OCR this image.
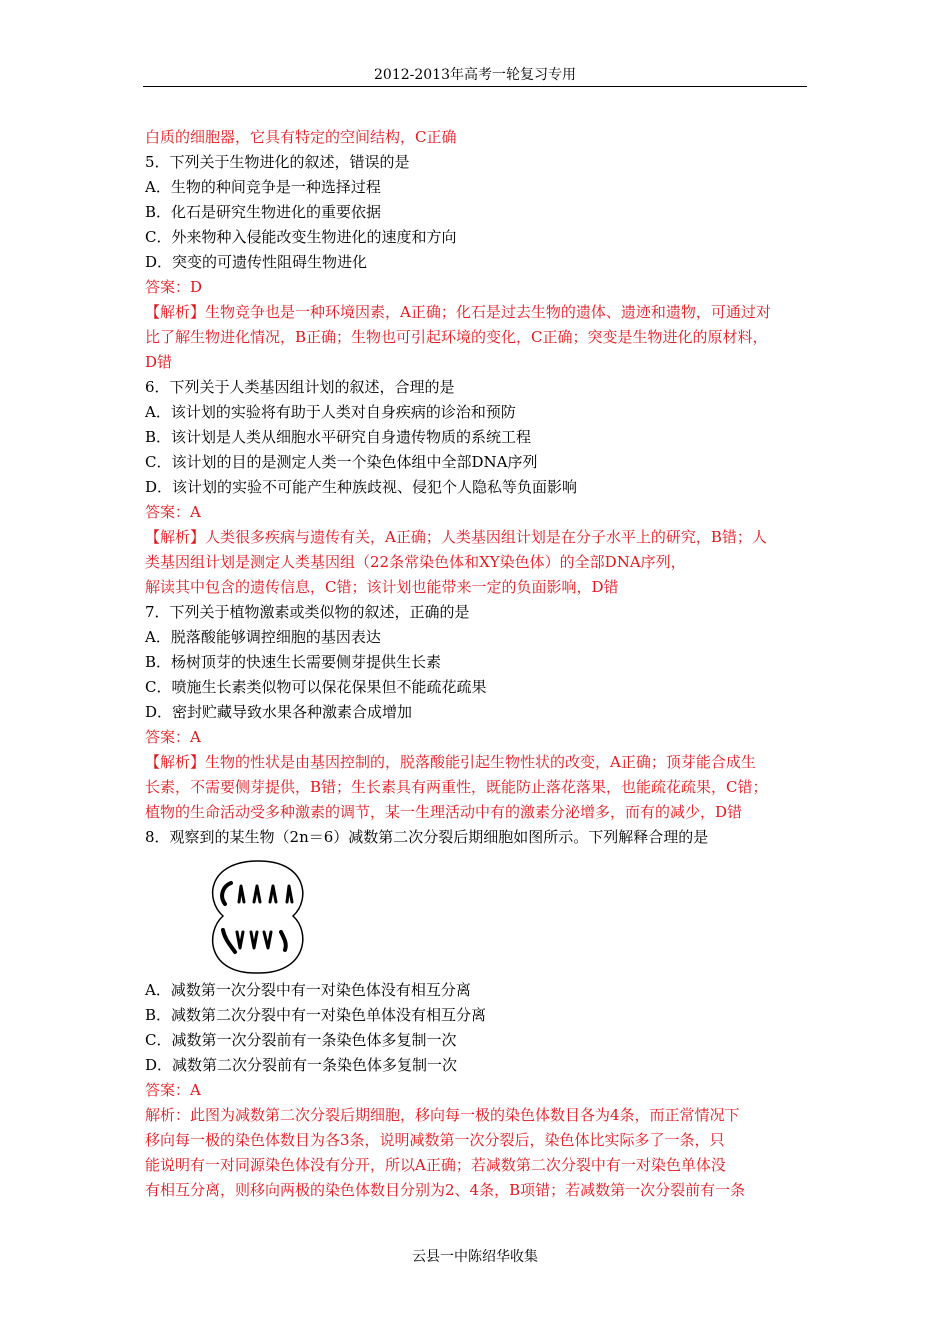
2012-2013年高考一轮复习专用
白质的细胞器，它具有特定的空间结构，C正确
5．下列关于生物进化的叙述，错误的是
A．生物的种间竞争是一种选择过程
B．化石是研究生物进化的重要依据
C．外来物种入侵能改变生物进化的速度和方向
D．突变的可遗传性阻碍生物进化
答案：D
【解析】生物竞争也是一种环境因素，A正确；化石是过去生物的遗体、遗迹和遗物，可通过对
比了解生物进化情况，B正确；生物也可引起环境的变化，C正确；突变是生物进化的原材料，
D错
6．下列关于人类基因组计划的叙述，合理的是
A．该计划的实验将有助于人类对自身疾病的诊治和预防
B．该计划是人类从细胞水平研究自身遗传物质的系统工程
C．该计划的目的是测定人类一个染色体组中全部DNA序列
D．该计划的实验不可能产生种族歧视、侵犯个人隐私等负面影响
答案：A
【解析】人类很多疾病与遗传有关，A正确；人类基因组计划是在分子水平上的研究，B错；人
类基因组计划是测定人类基因组（22条常染色体和XY染色体）的全部DNA序列，
解读其中包含的遗传信息，C错；该计划也能带来一定的负面影响，D错
7．下列关于植物激素或类似物的叙述，正确的是
A．脱落酸能够调控细胞的基因表达
B．杨树顶芽的快速生长需要侧芽提供生长素
C．喷施生长素类似物可以保花保果但不能疏花疏果
D．密封贮藏导致水果各种激素合成增加
答案：A
【解析】生物的性状是由基因控制的，脱落酸能引起生物性状的改变，A正确；顶芽能合成生
长素，不需要侧芽提供，B错；生长素具有两重性，既能防止落花落果，也能疏花疏果，C错；
植物的生命活动受多种激素的调节，某一生理活动中有的激素分泌增多，而有的减少，D错
8．观察到的某生物（2n＝6）减数第二次分裂后期细胞如图所示。下列解释合理的是
A．减数第一次分裂中有一对染色体没有相互分离
B．减数第二次分裂中有一对染色单体没有相互分离
C．减数第一次分裂前有一条染色体多复制一次
D．减数第二次分裂前有一条染色体多复制一次
答案：A
解析：此图为减数第二次分裂后期细胞，移向每一极的染色体数目各为4条，而正常情况下
移向每一极的染色体数目为各3条，说明减数第一次分裂后，染色体比实际多了一条，只
能说明有一对同源染色体没有分开，所以A正确；若减数第二次分裂中有一对染色单体没
有相互分离，则移向两极的染色体数目分别为2、4条，B项错；若减数第一次分裂前有一条
云县一中陈绍华收集
